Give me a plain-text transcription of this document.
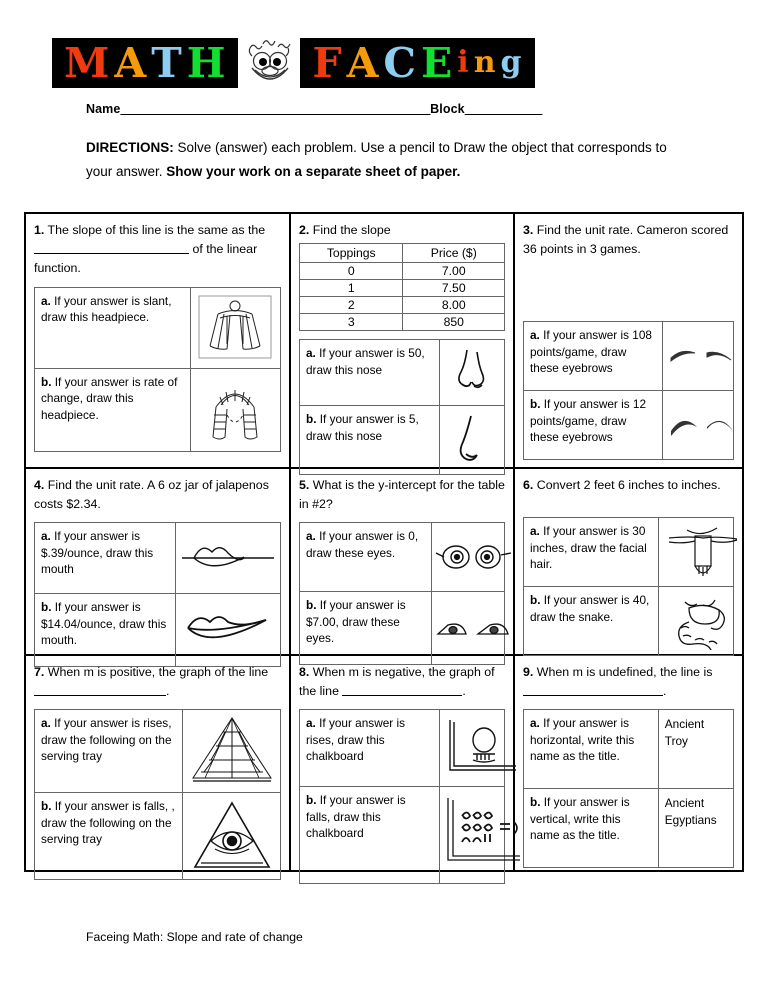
M A T H F A C E i n g
Name________________________________________________Block____________
DIRECTIONS: Solve (answer) each problem. Use a pencil to Draw the object that corresponds to your answer. Show your work on a separate sheet of paper.
1. The slope of this line is the same as the  of the linear function.
a. If your answer is slant, draw this headpiece.	

b. If your answer is rate of change, draw this headpiece.	
2. Find the slope
Toppings	Price ($)
0	7.00
1	7.50
2	8.00
3	850
a. If your answer is 50, draw this nose	

b. If your answer is 5, draw this nose	
3. Find the unit rate. Cameron scored 36 points in 3 games.
a. If your answer is 108 points/game, draw these eyebrows	

b. If your answer is 12 points/game, draw these eyebrows	
4. Find the unit rate. A 6 oz jar of jalapenos costs $2.34.
a. If your answer is $.39/ounce, draw this mouth	

b. If your answer is $14.04/ounce, draw this mouth.	
5. What is the y-intercept for the table in #2?
a. If your answer is 0, draw these eyes.	

b. If your answer is $7.00, draw these eyes.	
6. Convert 2 feet 6 inches to inches.
a. If your answer is 30 inches, draw the facial hair.	

b. If your answer is 40, draw the snake.	
7. When m is positive, the graph of the line .
a. If your answer is rises, draw the following on the serving tray	

b. If your answer is falls, , draw the following on the serving tray	
8. When m is negative, the graph of the line	.
a. If your answer is rises, draw this chalkboard	

b. If your answer is falls, draw this chalkboard	
9. When m is undefined, the line is .
a. If your answer is horizontal, write this name as the title.	Ancient Troy
b. If your answer is vertical, write this name as the title.	Ancient Egyptians
Faceing Math: Slope and rate of change
